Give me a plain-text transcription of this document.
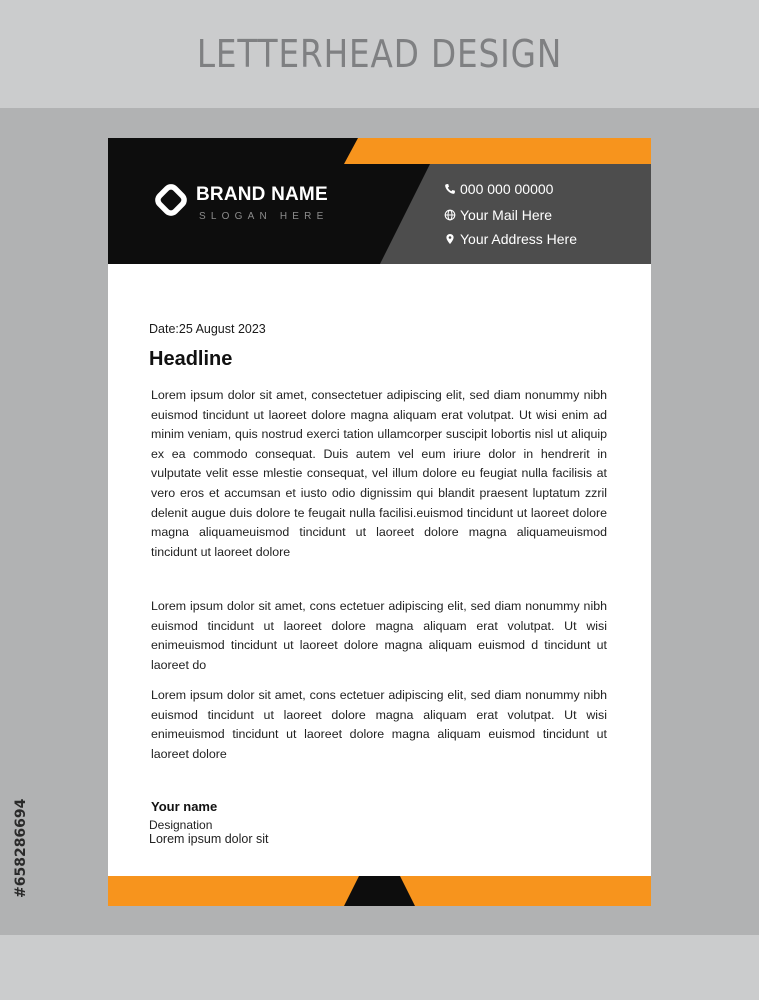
LETTERHEAD DESIGN
#658286694
BRAND NAME
SLOGAN HERE
000 000 00000
Your Mail Here
Your Address Here
Date:25 August 2023
Headline

Lorem ipsum dolor sit amet, consectetuer adipiscing elit, sed diam nonummy nibh euismod tincidunt ut laoreet dolore magna aliquam erat volutpat. Ut wisi enim ad minim veniam, quis nostrud exerci tation ullamcorper suscipit lobortis nisl ut aliquip ex ea commodo consequat. Duis autem vel eum iriure dolor in hendrerit in vulputate velit esse mlestie consequat, vel illum dolore eu feugiat nulla facilisis at vero eros et accumsan et iusto odio dignissim qui blandit praesent luptatum zzril delenit augue duis dolore te feugait nulla facilisi.euismod tincidunt ut laoreet dolore magna aliquameuismod tincidunt ut laoreet dolore magna aliquameuismod tincidunt ut laoreet dolore

Lorem ipsum dolor sit amet, cons ectetuer adipiscing elit, sed diam nonummy nibh euismod tincidunt ut laoreet dolore magna aliquam erat volutpat. Ut wisi enimeuismod tincidunt ut laoreet dolore magna aliquam euismod d tincidunt ut laoreet do

Lorem ipsum dolor sit amet, cons ectetuer adipiscing elit, sed diam nonummy nibh euismod tincidunt ut laoreet dolore magna aliquam erat volutpat. Ut wisi enimeuismod tincidunt ut laoreet dolore magna aliquam euismod tincidunt ut laoreet dolore

Your name
Designation
Lorem ipsum dolor sit
